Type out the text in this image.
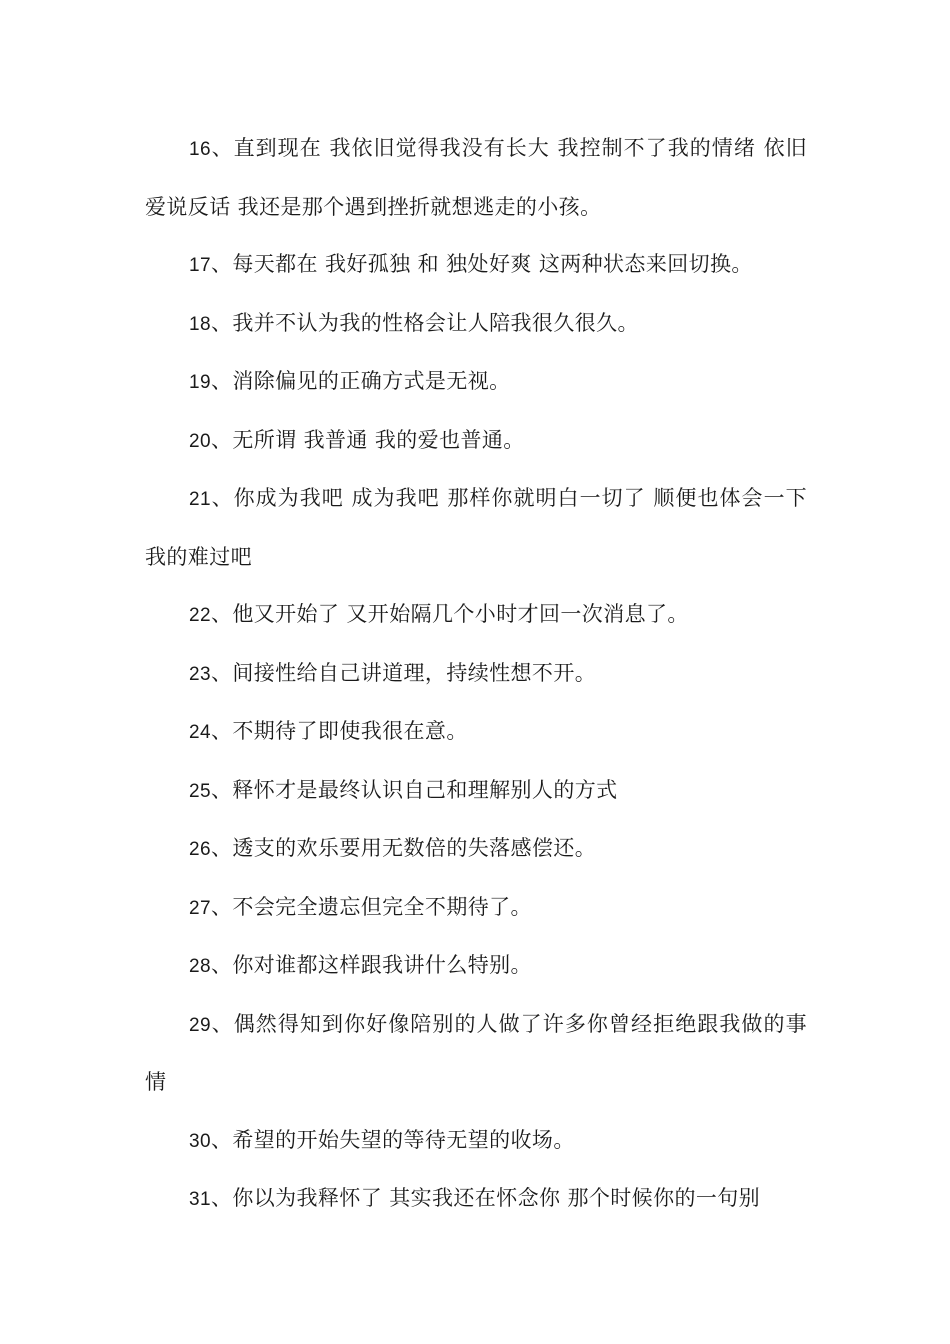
16、直到现在 我依旧觉得我没有长大 我控制不了我的情绪 依旧爱说反话 我还是那个遇到挫折就想逃走的小孩。

17、每天都在 我好孤独 和 独处好爽 这两种状态来回切换。

18、我并不认为我的性格会让人陪我很久很久。

19、消除偏见的正确方式是无视。

20、无所谓 我普通 我的爱也普通。

21、你成为我吧 成为我吧 那样你就明白一切了 顺便也体会一下我的难过吧

22、他又开始了 又开始隔几个小时才回一次消息了。

23、间接性给自己讲道理，持续性想不开。

24、不期待了即使我很在意。

25、释怀才是最终认识自己和理解别人的方式

26、透支的欢乐要用无数倍的失落感偿还。

27、不会完全遗忘但完全不期待了。

28、你对谁都这样跟我讲什么特别。

29、偶然得知到你好像陪别的人做了许多你曾经拒绝跟我做的事情

30、希望的开始失望的等待无望的收场。

31、你以为我释怀了 其实我还在怀念你 那个时候你的一句别
